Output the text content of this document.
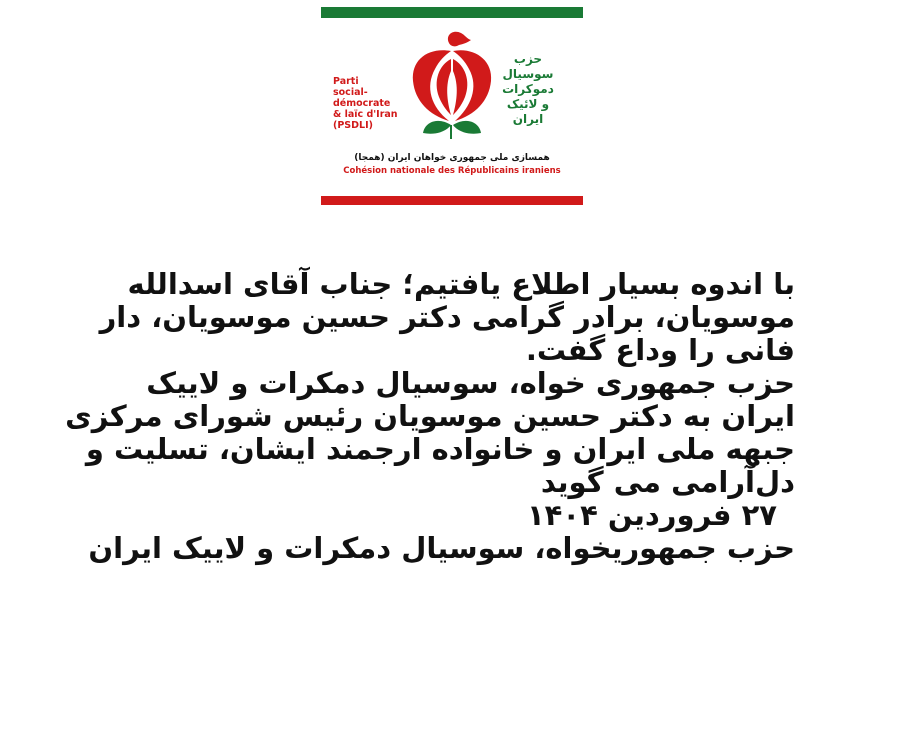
Parti
social-
démocrate
& laïc d'Iran
(PSDLI)
حزب
سوسیال
دموکرات
و لائیک
ایران
همسازی ملی جمهوری خواهان ایران (همجا)
Cohésion nationale des Républicains iraniens
با اندوه بسیار اطلاع یافتیم؛ جناب آقای اسدالله
موسویان، برادر گرامی دکتر حسین موسویان، دار
فانی را وداع گفت.
حزب جمهوری خواه، سوسیال دمکرات و لاییک
ایران به دکتر حسین موسویان رئیس شورای مرکزی
جبهه ملی ایران و خانواده ارجمند ایشان، تسلیت و
دل‌آرامی می گوید
۲۷ فروردین ۱۴۰۴
حزب جمهوریخواه، سوسیال دمکرات و لاییک ایران
